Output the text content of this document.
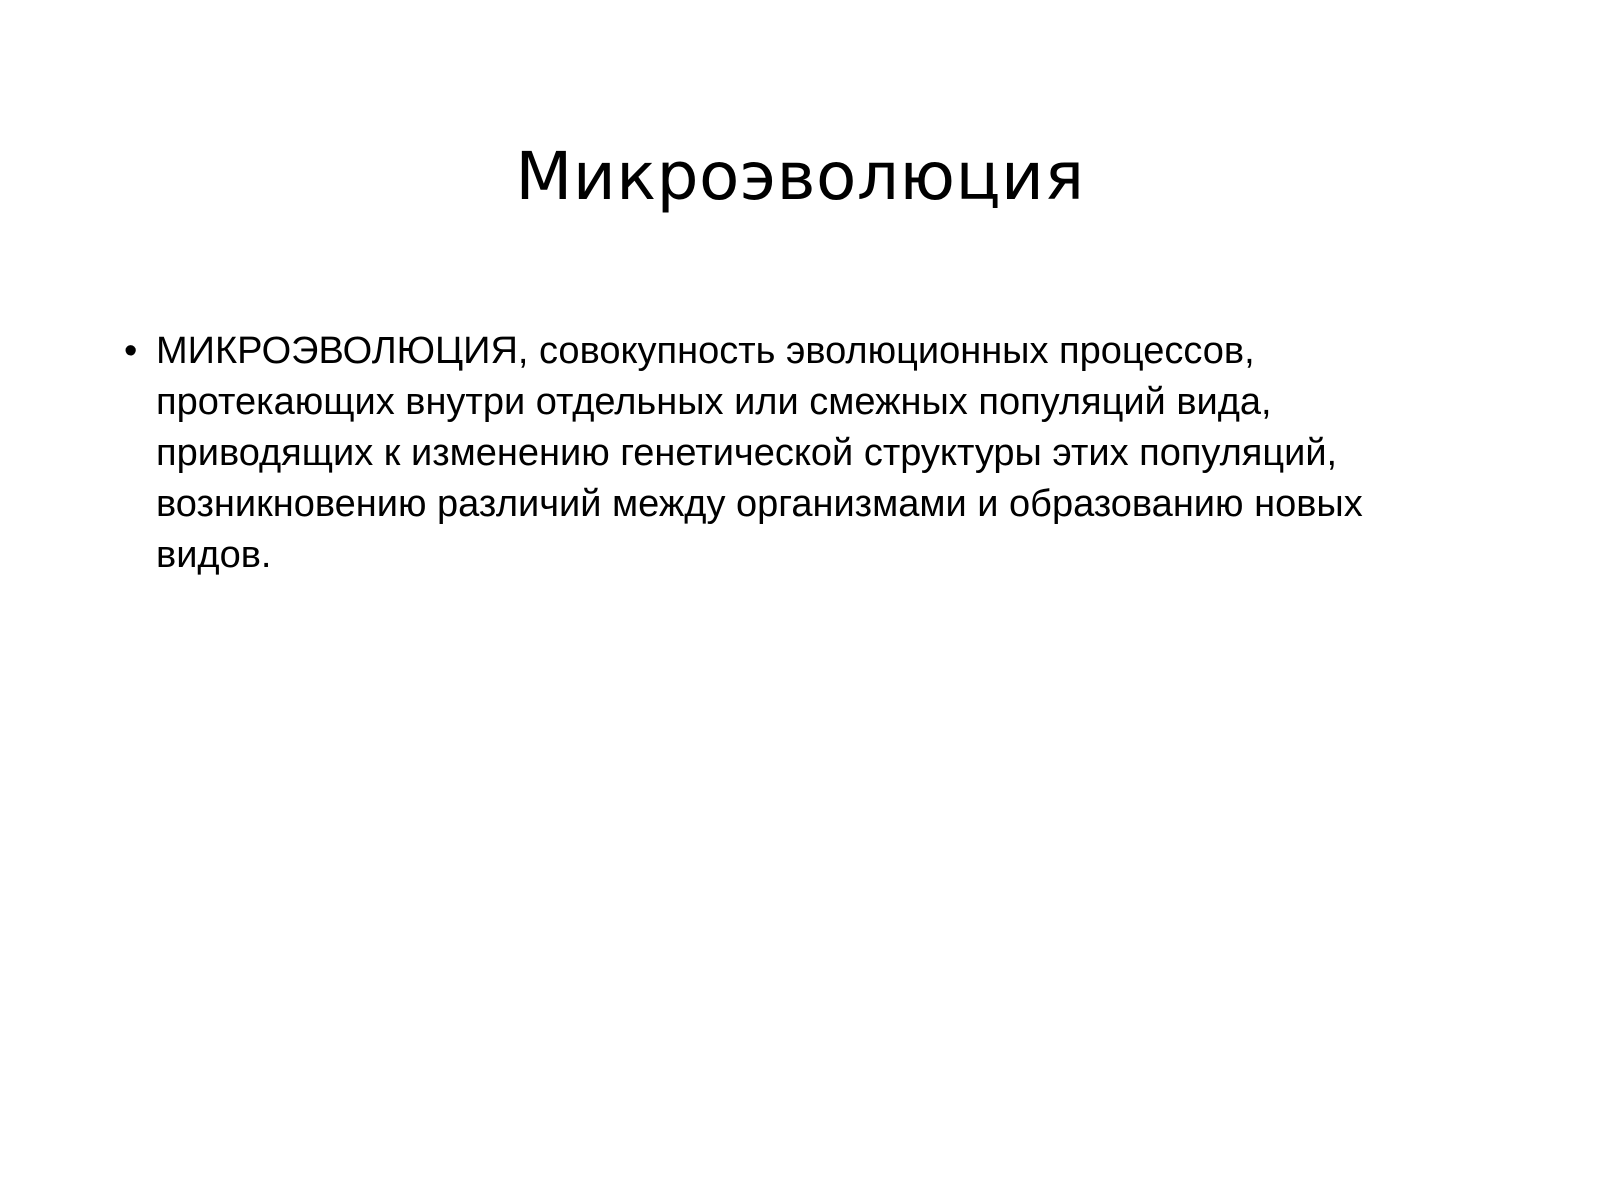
Микроэволюция
• МИКРОЭВОЛЮЦИЯ, совокупность эволюционных процессов, протекающих внутри отдельных или смежных популяций вида, приводящих к изменению генетической структуры этих популяций, возникновению различий между организмами и образованию новых видов.
